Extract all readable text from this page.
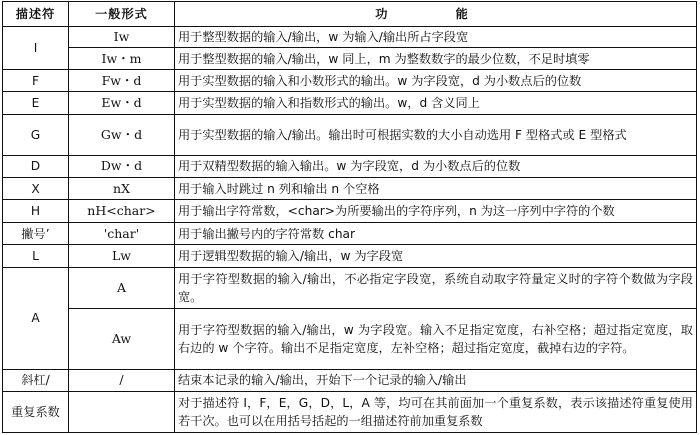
描述符	一般形式	功　能
I	Iw	用于整型数据的输入/输出，w 为输入/输出所占字段宽
	Iw・m	用于整型数据的输入/输出，w 同上，m 为整数数字的最少位数，不足时填零
F	Fw・d	用于实型数据的输入和小数形式的输出。w 为字段宽，d 为小数点后的位数
E	Ew・d	用于实型数据的输入和指数形式的输出。w，d 含义同上
G	Gw・d	用于实型数据的输入/输出。输出时可根据实数的大小自动选用 F 型格式或 E 型格式
D	Dw・d	用于双精型数据的输入输出。w 为字段宽，d 为小数点后的位数
X	nX	用于输入时跳过 n 列和输出 n 个空格
H	nH<char>	用于输出字符常数，<char>为所要输出的字符序列，n 为这一序列中字符的个数
撇号’	'char'	用于输出撇号内的字符常数 char
L	Lw	用于逻辑型数据的输入/输出，w 为字段宽
A	A	用于字符型数据的输入/输出，不必指定字段宽，系统自动取字符量定义时的字符个数做为字段宽。
	Aw	用于字符型数据的输入/输出，w 为字段宽。输入不足指定宽度，右补空格；超过指定宽度，取右边的 w 个字符。输出不足指定宽度，左补空格；超过指定宽度，截掉右边的字符。
斜杠/	/	结束本记录的输入/输出，开始下一个记录的输入/输出
重复系数		对于描述符 I，F，E，G，D，L，A 等，均可在其前面加一个重复系数，表示该描述符重复使用若干次。也可以在用括号括起的一组描述符前加重复系数
